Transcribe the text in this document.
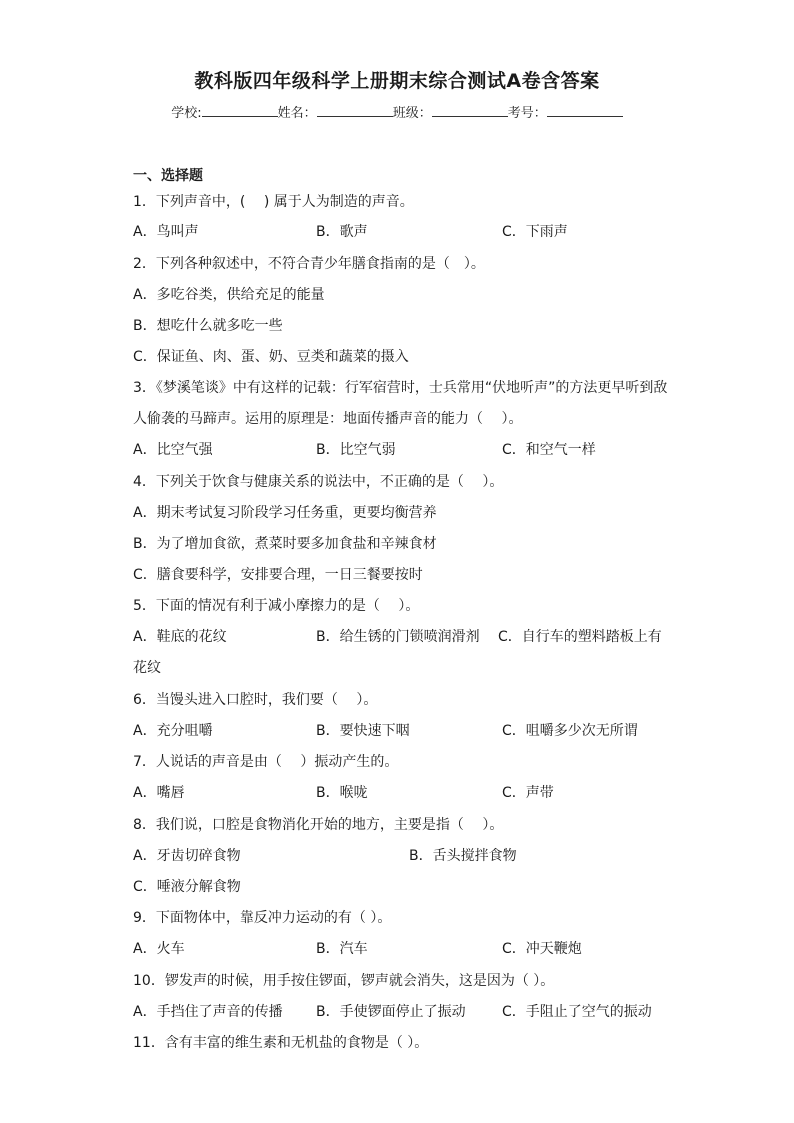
教科版四年级科学上册期末综合测试A卷含答案
学校:	姓名：	班级：	考号：
一、选择题
1．下列声音中，(　 ) 属于人为制造的声音。
A．鸟叫声	B．歌声	C．下雨声
2．下列各种叙述中，不符合青少年膳食指南的是（　）。
A．多吃谷类，供给充足的能量
B．想吃什么就多吃一些
C．保证鱼、肉、蛋、奶、豆类和蔬菜的摄入
3．《梦溪笔谈》中有这样的记载：行军宿营时，士兵常用“伏地听声”的方法更早听到敌
人偷袭的马蹄声。运用的原理是：地面传播声音的能力（　 ）。
A．比空气强	B．比空气弱	C．和空气一样
4．下列关于饮食与健康关系的说法中，不正确的是（　 ）。
A．期末考试复习阶段学习任务重，更要均衡营养
B．为了增加食欲，煮菜时要多加食盐和辛辣食材
C．膳食要科学，安排要合理，一日三餐要按时
5．下面的情况有利于减小摩擦力的是（　 ）。
A．鞋底的花纹	B．给生锈的门锁喷润滑剂 C．自行车的塑料踏板上有
花纹
6．当馒头进入口腔时，我们要（　 ）。
A．充分咀嚼	B．要快速下咽	C．咀嚼多少次无所谓
7．人说话的声音是由（　 ）振动产生的。
A．嘴唇	B．喉咙	C．声带
8．我们说，口腔是食物消化开始的地方，主要是指（　 ）。
A．牙齿切碎食物	B．舌头搅拌食物
C．唾液分解食物
9．下面物体中，靠反冲力运动的有（ ）。
A．火车	B．汽车	C．冲天鞭炮
10．锣发声的时候，用手按住锣面，锣声就会消失，这是因为（ ）。
A．手挡住了声音的传播 B．手使锣面停止了振动	C．手阻止了空气的振动
11．含有丰富的维生素和无机盐的食物是（ ）。
